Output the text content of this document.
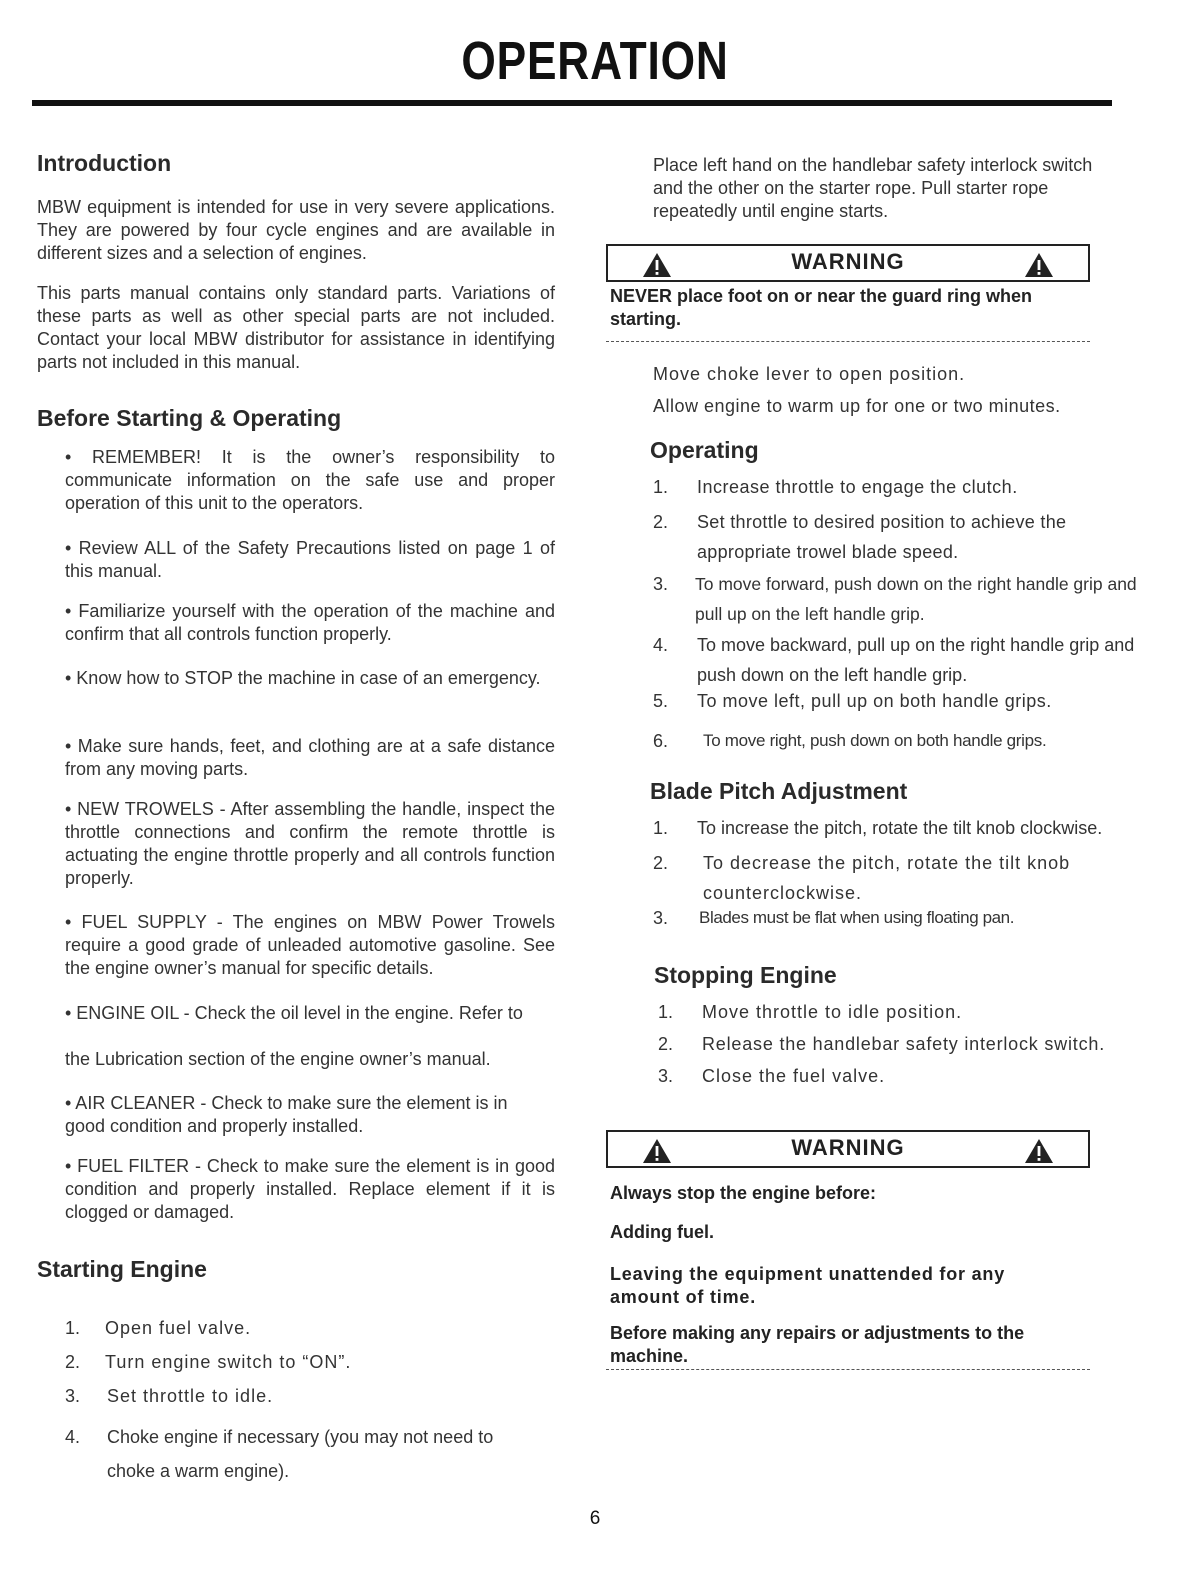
OPERATION
Introduction

MBW equipment is intended for use in very severe applications. They are powered by four cycle engines and are available in different sizes and a selection of engines.

This parts manual contains only standard parts. Variations of these parts as well as other special parts are not included. Contact your local MBW distributor for assistance in identifying parts not included in this manual.

Before Starting & Operating
• REMEMBER! It is the owner’s responsibility to communicate information on the safe use and proper operation of this unit to the operators.
• Review ALL of the Safety Precautions listed on page 1 of this manual.
• Familiarize yourself with the operation of the machine and confirm that all controls function properly.
• Know how to STOP the machine in case of an emergency.
• Make sure hands, feet, and clothing are at a safe distance from any moving parts.
• NEW TROWELS - After assembling the handle, inspect the throttle connections and confirm the remote throttle is actuating the engine throttle properly and all controls function properly.
• FUEL SUPPLY - The engines on MBW Power Trowels require a good grade of unleaded automotive gasoline. See the engine owner’s manual for specific details.
• ENGINE OIL - Check the oil level in the engine. Refer to
the Lubrication section of the engine owner’s manual.
• AIR CLEANER - Check to make sure the element is in good condition and properly installed.
• FUEL FILTER - Check to make sure the element is in good condition and properly installed. Replace element if it is clogged or damaged.
Starting Engine
1.	Open fuel valve.
2.	Turn engine switch to “ON”.
3.	Set throttle to idle.
4.	Choke engine if necessary (you may not need to choke a warm engine).
Place left hand on the handlebar safety interlock switch and the other on the starter rope. Pull starter rope repeatedly until engine starts.
WARNING
NEVER place foot on or near the guard ring when starting.
Move choke lever to open position.
Allow engine to warm up for one or two minutes.
Operating
1.	Increase throttle to engage the clutch.
2.	Set throttle to desired position to achieve the appropriate trowel blade speed.
3.	To move forward, push down on the right handle grip and pull up on the left handle grip.
4.	To move backward, pull up on the right handle grip and push down on the left handle grip.
5.	To move left, pull up on both handle grips.
6.	To move right, push down on both handle grips.
Blade Pitch Adjustment
1.	To increase the pitch, rotate the tilt knob clockwise.
2.	To decrease the pitch, rotate the tilt knob counterclockwise.
3.	Blades must be flat when using floating pan.
Stopping Engine
1.	Move throttle to idle position.
2.	Release the handlebar safety interlock switch.
3.	Close the fuel valve.
WARNING
Always stop the engine before:
Adding fuel.
Leaving the equipment unattended for any amount of time.
Before making any repairs or adjustments to the machine.
6
